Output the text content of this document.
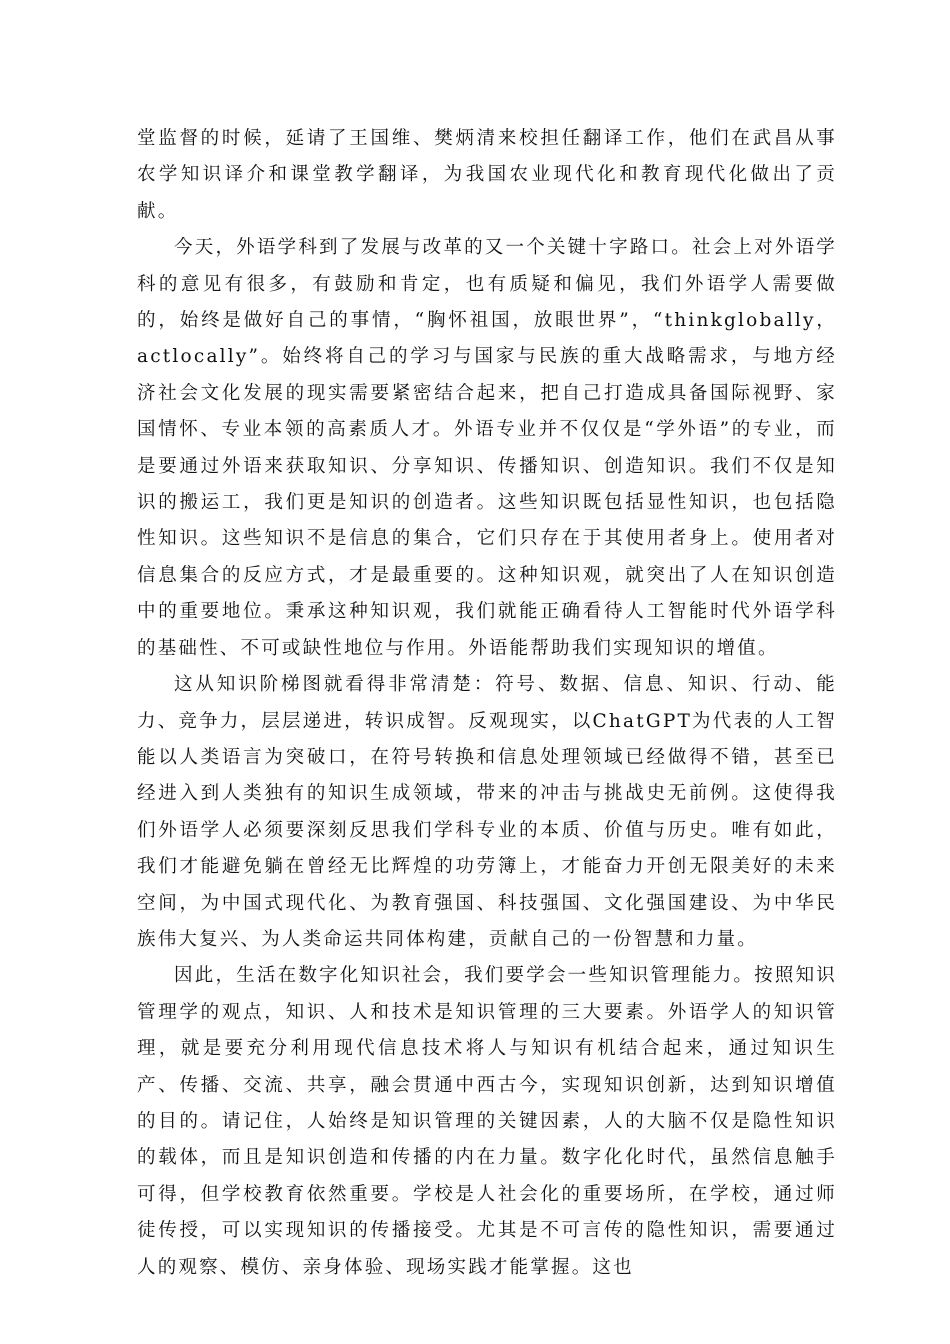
堂监督的时候，延请了王国维、樊炳清来校担任翻译工作，他们在武昌从事农学知识译介和课堂教学翻译，为我国农业现代化和教育现代化做出了贡献。

今天，外语学科到了发展与改革的又一个关键十字路口。社会上对外语学科的意见有很多，有鼓励和肯定，也有质疑和偏见，我们外语学人需要做的，始终是做好自己的事情，“胸怀祖国，放眼世界”，“thinkglobally，actlocally”。始终将自己的学习与国家与民族的重大战略需求，与地方经济社会文化发展的现实需要紧密结合起来，把自己打造成具备国际视野、家国情怀、专业本领的高素质人才。外语专业并不仅仅是“学外语”的专业，而是要通过外语来获取知识、分享知识、传播知识、创造知识。我们不仅是知识的搬运工，我们更是知识的创造者。这些知识既包括显性知识，也包括隐性知识。这些知识不是信息的集合，它们只存在于其使用者身上。使用者对信息集合的反应方式，才是最重要的。这种知识观，就突出了人在知识创造中的重要地位。秉承这种知识观，我们就能正确看待人工智能时代外语学科的基础性、不可或缺性地位与作用。外语能帮助我们实现知识的增值。

这从知识阶梯图就看得非常清楚：符号、数据、信息、知识、行动、能力、竞争力，层层递进，转识成智。反观现实，以ChatGPT为代表的人工智能以人类语言为突破口，在符号转换和信息处理领域已经做得不错，甚至已经进入到人类独有的知识生成领域，带来的冲击与挑战史无前例。这使得我们外语学人必须要深刻反思我们学科专业的本质、价值与历史。唯有如此，我们才能避免躺在曾经无比辉煌的功劳簿上，才能奋力开创无限美好的未来空间，为中国式现代化、为教育强国、科技强国、文化强国建设、为中华民族伟大复兴、为人类命运共同体构建，贡献自己的一份智慧和力量。

因此，生活在数字化知识社会，我们要学会一些知识管理能力。按照知识管理学的观点，知识、人和技术是知识管理的三大要素。外语学人的知识管理，就是要充分利用现代信息技术将人与知识有机结合起来，通过知识生产、传播、交流、共享，融会贯通中西古今，实现知识创新，达到知识增值的目的。请记住，人始终是知识管理的关键因素，人的大脑不仅是隐性知识的载体，而且是知识创造和传播的内在力量。数字化化时代，虽然信息触手可得，但学校教育依然重要。学校是人社会化的重要场所，在学校，通过师徒传授，可以实现知识的传播接受。尤其是不可言传的隐性知识，需要通过人的观察、模仿、亲身体验、现场实践才能掌握。这也
